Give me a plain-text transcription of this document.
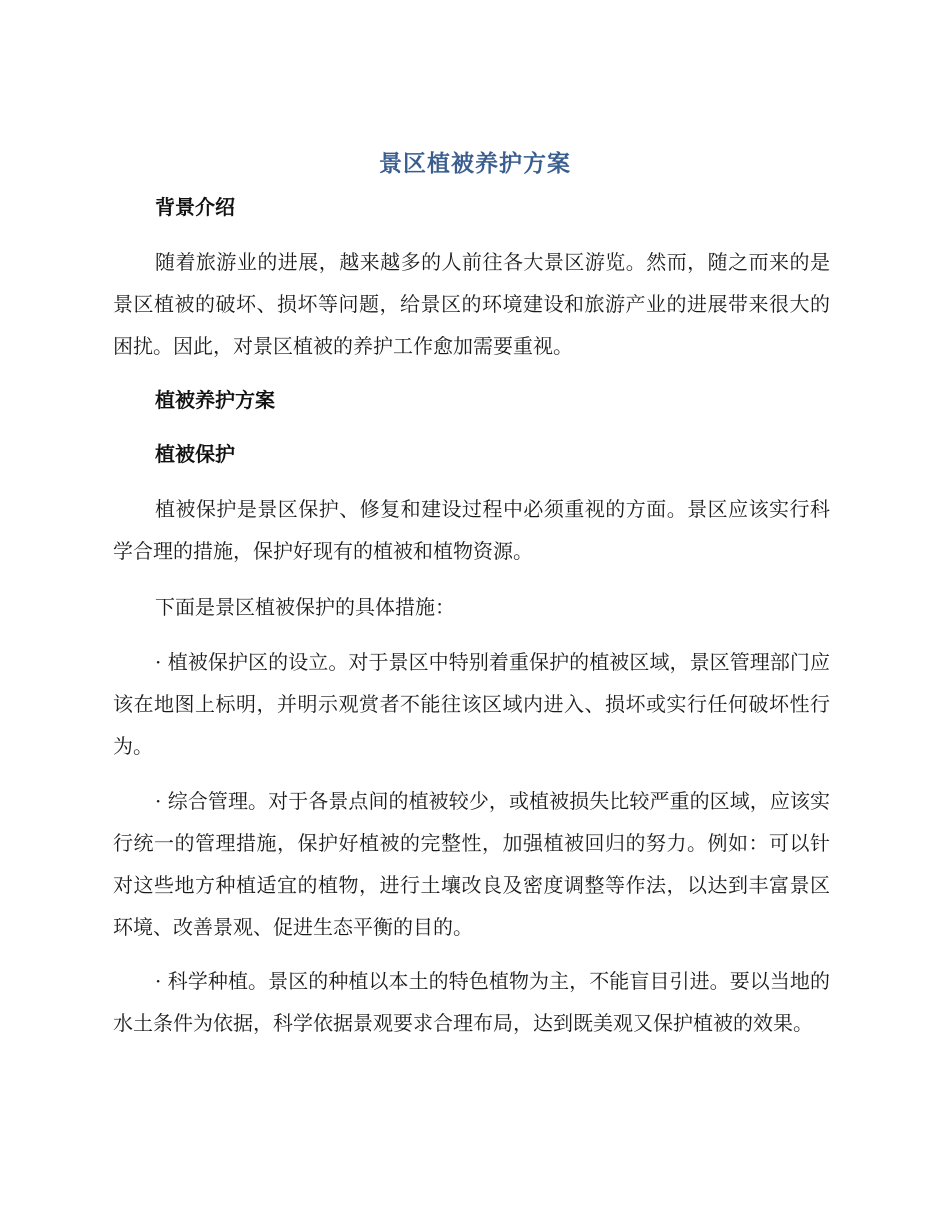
景区植被养护方案
背景介绍

随着旅游业的进展，越来越多的人前往各大景区游览。然而，随之而来的是景区植被的破坏、损坏等问题，给景区的环境建设和旅游产业的进展带来很大的困扰。因此，对景区植被的养护工作愈加需要重视。

植被养护方案
植被保护

植被保护是景区保护、修复和建设过程中必须重视的方面。景区应该实行科学合理的措施，保护好现有的植被和植物资源。

下面是景区植被保护的具体措施：

· 植被保护区的设立。对于景区中特别着重保护的植被区域，景区管理部门应该在地图上标明，并明示观赏者不能往该区域内进入、损坏或实行任何破坏性行为。

· 综合管理。对于各景点间的植被较少，或植被损失比较严重的区域，应该实行统一的管理措施，保护好植被的完整性，加强植被回归的努力。例如：可以针对这些地方种植适宜的植物，进行土壤改良及密度调整等作法，以达到丰富景区环境、改善景观、促进生态平衡的目的。

· 科学种植。景区的种植以本土的特色植物为主，不能盲目引进。要以当地的水土条件为依据，科学依据景观要求合理布局，达到既美观又保护植被的效果。
